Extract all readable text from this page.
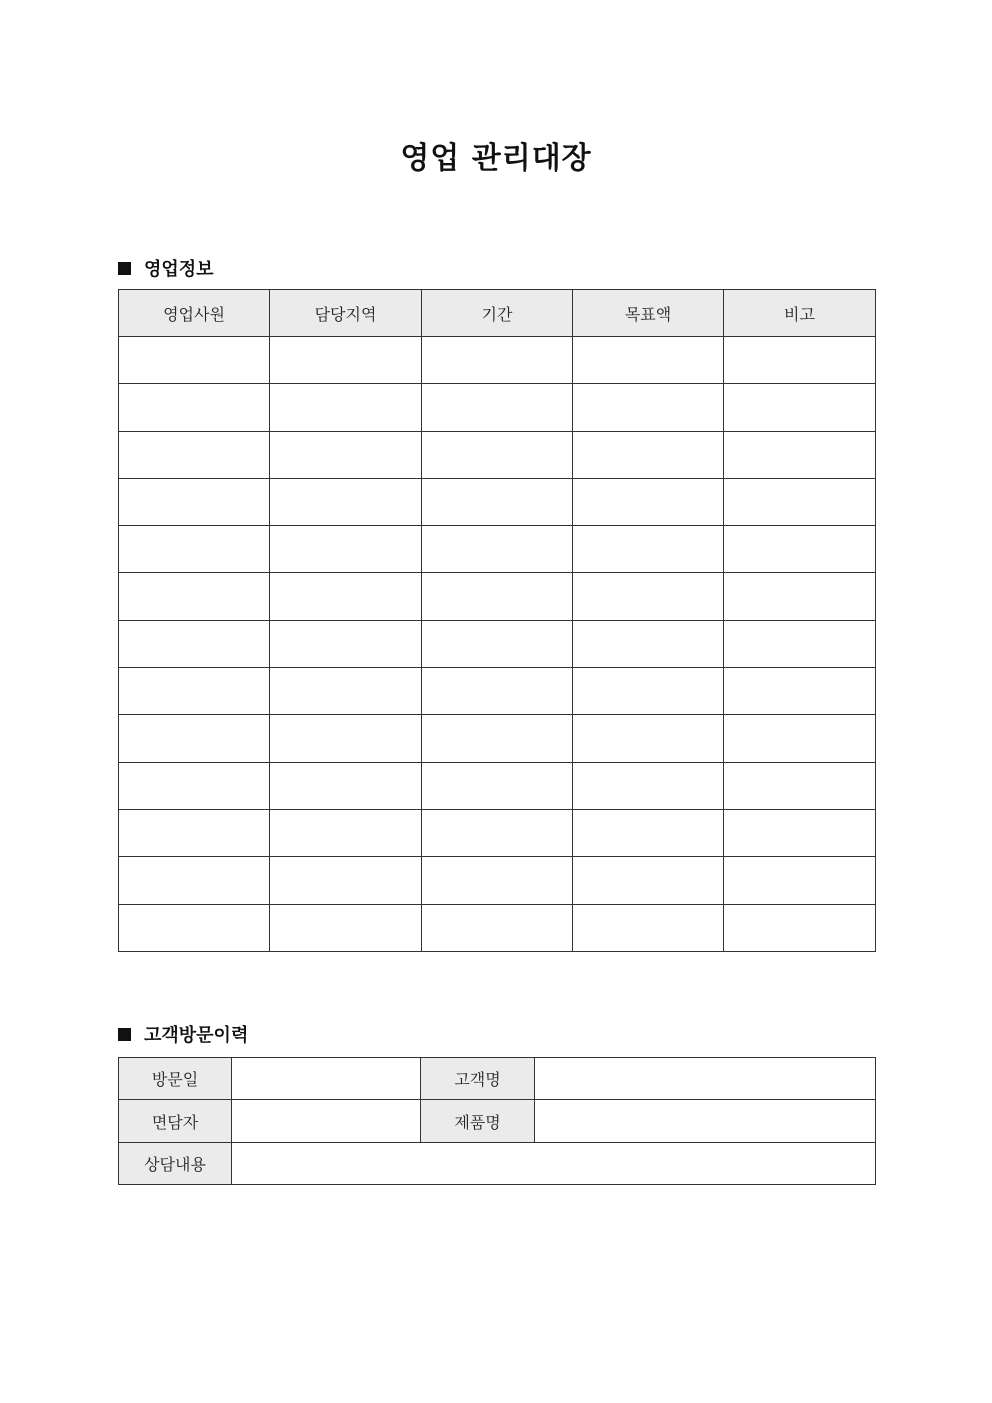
영업 관리대장
영업정보
영업사원	담당지역	기간	목표액	비고

고객방문이력
방문일		고객명	
면담자		제품명	
상담내용			
